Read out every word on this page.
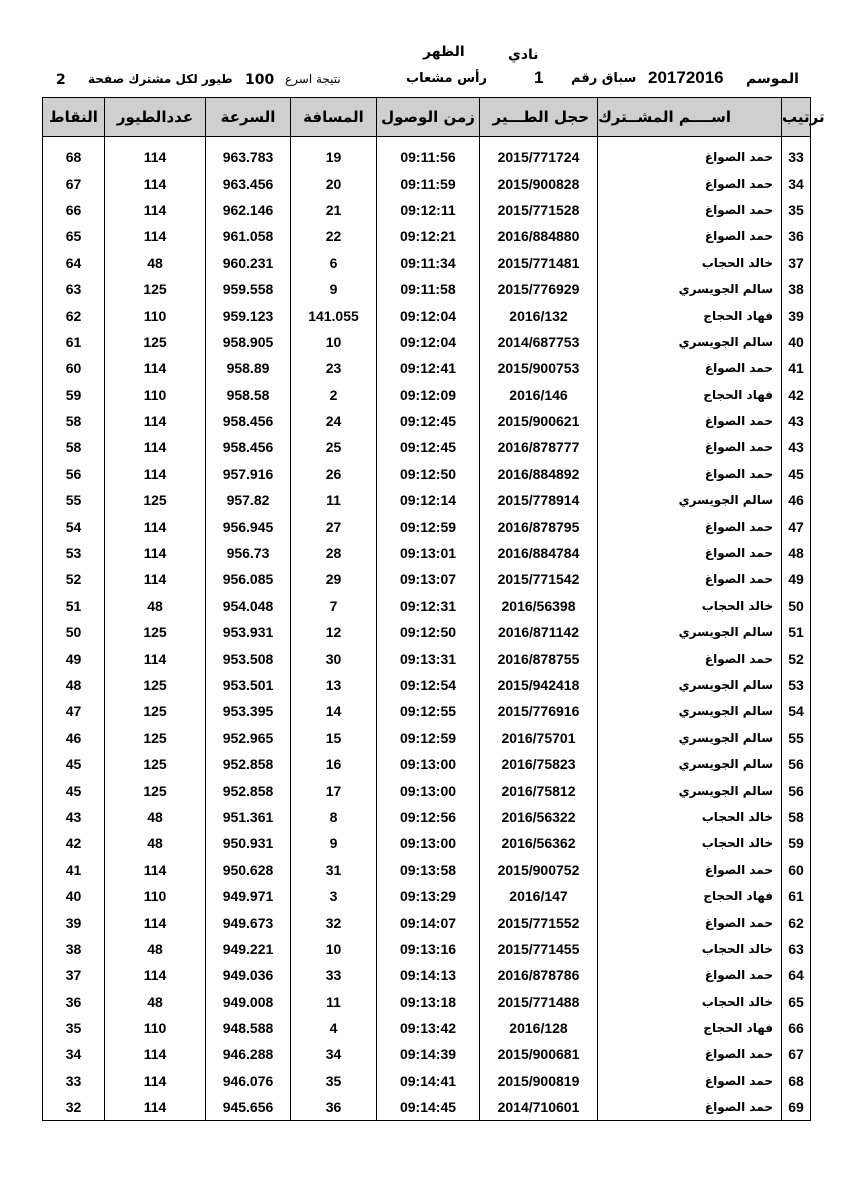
الظهر	نادي
الموسم
20172016
سباق رقم
1
رأس مشعاب
نتيجة اسرع
100
طيور لكل مشترك صفحة
2
النقاط	عددالطيور	السرعة	المسافة	زمن الوصول	حجل الطـــير	اســــم المشــترك	ترتيب

68	114	963.783	19	09:11:56	2015/771724	حمد الصواغ	33
67	114	963.456	20	09:11:59	2015/900828	حمد الصواغ	34
66	114	962.146	21	09:12:11	2015/771528	حمد الصواغ	35
65	114	961.058	22	09:12:21	2016/884880	حمد الصواغ	36
64	48	960.231	6	09:11:34	2015/771481	خالد الحجاب	37
63	125	959.558	9	09:11:58	2015/776929	سالم الجويسري	38
62	110	959.123	141.055	09:12:04	2016/132	فهاد الحجاج	39
61	125	958.905	10	09:12:04	2014/687753	سالم الجويسري	40
60	114	958.89	23	09:12:41	2015/900753	حمد الصواغ	41
59	110	958.58	2	09:12:09	2016/146	فهاد الحجاج	42
58	114	958.456	24	09:12:45	2015/900621	حمد الصواغ	43
58	114	958.456	25	09:12:45	2016/878777	حمد الصواغ	43
56	114	957.916	26	09:12:50	2016/884892	حمد الصواغ	45
55	125	957.82	11	09:12:14	2015/778914	سالم الجويسري	46
54	114	956.945	27	09:12:59	2016/878795	حمد الصواغ	47
53	114	956.73	28	09:13:01	2016/884784	حمد الصواغ	48
52	114	956.085	29	09:13:07	2015/771542	حمد الصواغ	49
51	48	954.048	7	09:12:31	2016/56398	خالد الحجاب	50
50	125	953.931	12	09:12:50	2016/871142	سالم الجويسري	51
49	114	953.508	30	09:13:31	2016/878755	حمد الصواغ	52
48	125	953.501	13	09:12:54	2015/942418	سالم الجويسري	53
47	125	953.395	14	09:12:55	2015/776916	سالم الجويسري	54
46	125	952.965	15	09:12:59	2016/75701	سالم الجويسري	55
45	125	952.858	16	09:13:00	2016/75823	سالم الجويسري	56
45	125	952.858	17	09:13:00	2016/75812	سالم الجويسري	56
43	48	951.361	8	09:12:56	2016/56322	خالد الحجاب	58
42	48	950.931	9	09:13:00	2016/56362	خالد الحجاب	59
41	114	950.628	31	09:13:58	2015/900752	حمد الصواغ	60
40	110	949.971	3	09:13:29	2016/147	فهاد الحجاج	61
39	114	949.673	32	09:14:07	2015/771552	حمد الصواغ	62
38	48	949.221	10	09:13:16	2015/771455	خالد الحجاب	63
37	114	949.036	33	09:14:13	2016/878786	حمد الصواغ	64
36	48	949.008	11	09:13:18	2015/771488	خالد الحجاب	65
35	110	948.588	4	09:13:42	2016/128	فهاد الحجاج	66
34	114	946.288	34	09:14:39	2015/900681	حمد الصواغ	67
33	114	946.076	35	09:14:41	2015/900819	حمد الصواغ	68
32	114	945.656	36	09:14:45	2014/710601	حمد الصواغ	69
